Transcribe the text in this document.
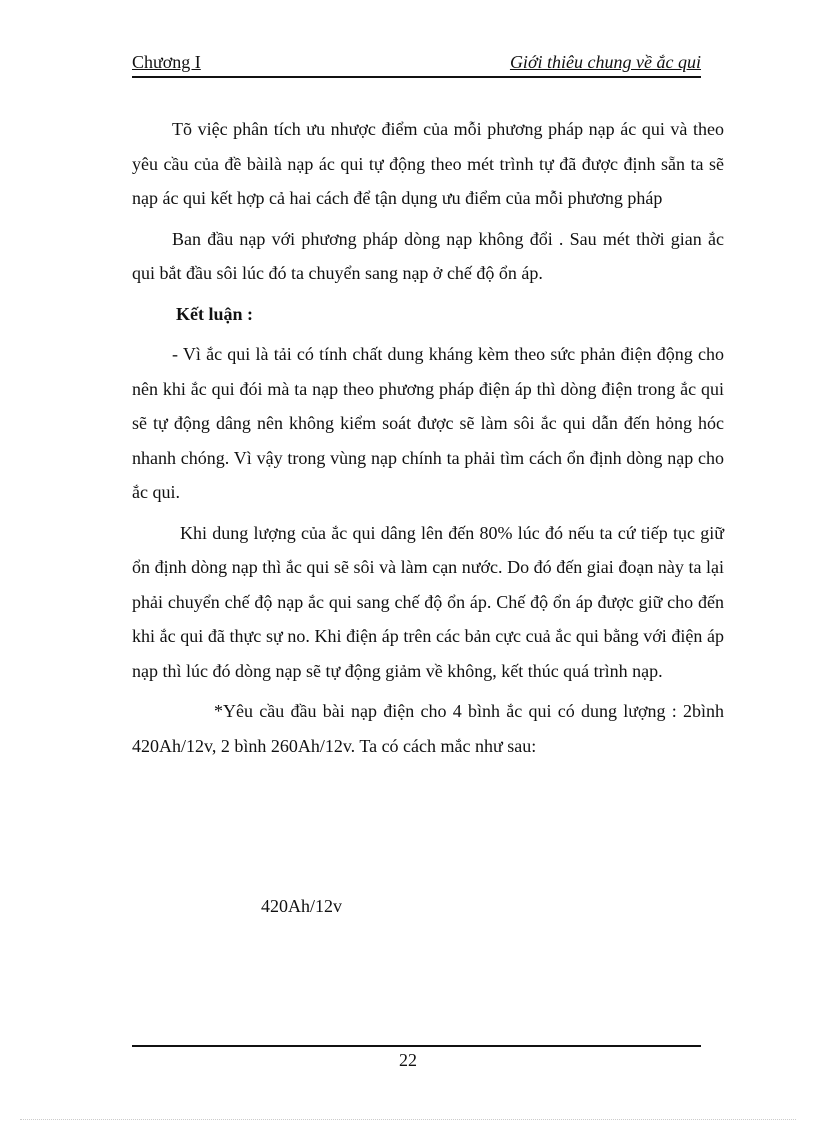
Chương I	Giới thiêu chung về ắc qui

Tõ việc phân tích ưu nhược điểm của mỗi phương pháp nạp ác qui và theo yêu cầu của đề bàilà nạp ác qui tự động theo mét trình tự đã được định sẵn ta sẽ nạp ác qui kết hợp cả hai cách để tận dụng ưu điểm của mỗi phương pháp

Ban đầu nạp với phương pháp dòng nạp không đổi . Sau mét thời gian ắc qui bắt đầu sôi lúc đó ta chuyển sang nạp ở chế độ ổn áp.

Kết luận :

- Vì ắc qui là tải có tính chất dung kháng kèm theo sức phản điện động cho nên khi ắc qui đói mà ta nạp theo phương pháp điện áp thì dòng điện trong ắc qui sẽ tự động dâng nên không kiểm soát được sẽ làm sôi ắc qui dẫn đến hỏng hóc nhanh chóng. Vì vậy trong vùng nạp chính ta phải tìm cách ổn định dòng nạp cho ắc qui.

Khi dung lượng của ắc qui dâng lên đến 80% lúc đó nếu ta cứ tiếp tục giữ ổn định dòng nạp thì ắc qui sẽ sôi và làm cạn nước. Do đó đến giai đoạn này ta lại phải chuyển chế độ nạp ắc qui sang chế độ ổn áp. Chế độ ổn áp được giữ cho đến khi ắc qui đã thực sự no. Khi điện áp trên các bản cực cuả ắc qui bằng với điện áp nạp thì lúc đó dòng nạp sẽ tự động giảm về không, kết thúc quá trình nạp.

*Yêu cầu đầu bài nạp điện cho 4 bình ắc qui có dung lượng : 2bình 420Ah/12v, 2 bình 260Ah/12v. Ta có cách mắc như sau:

420Ah/12v
22
